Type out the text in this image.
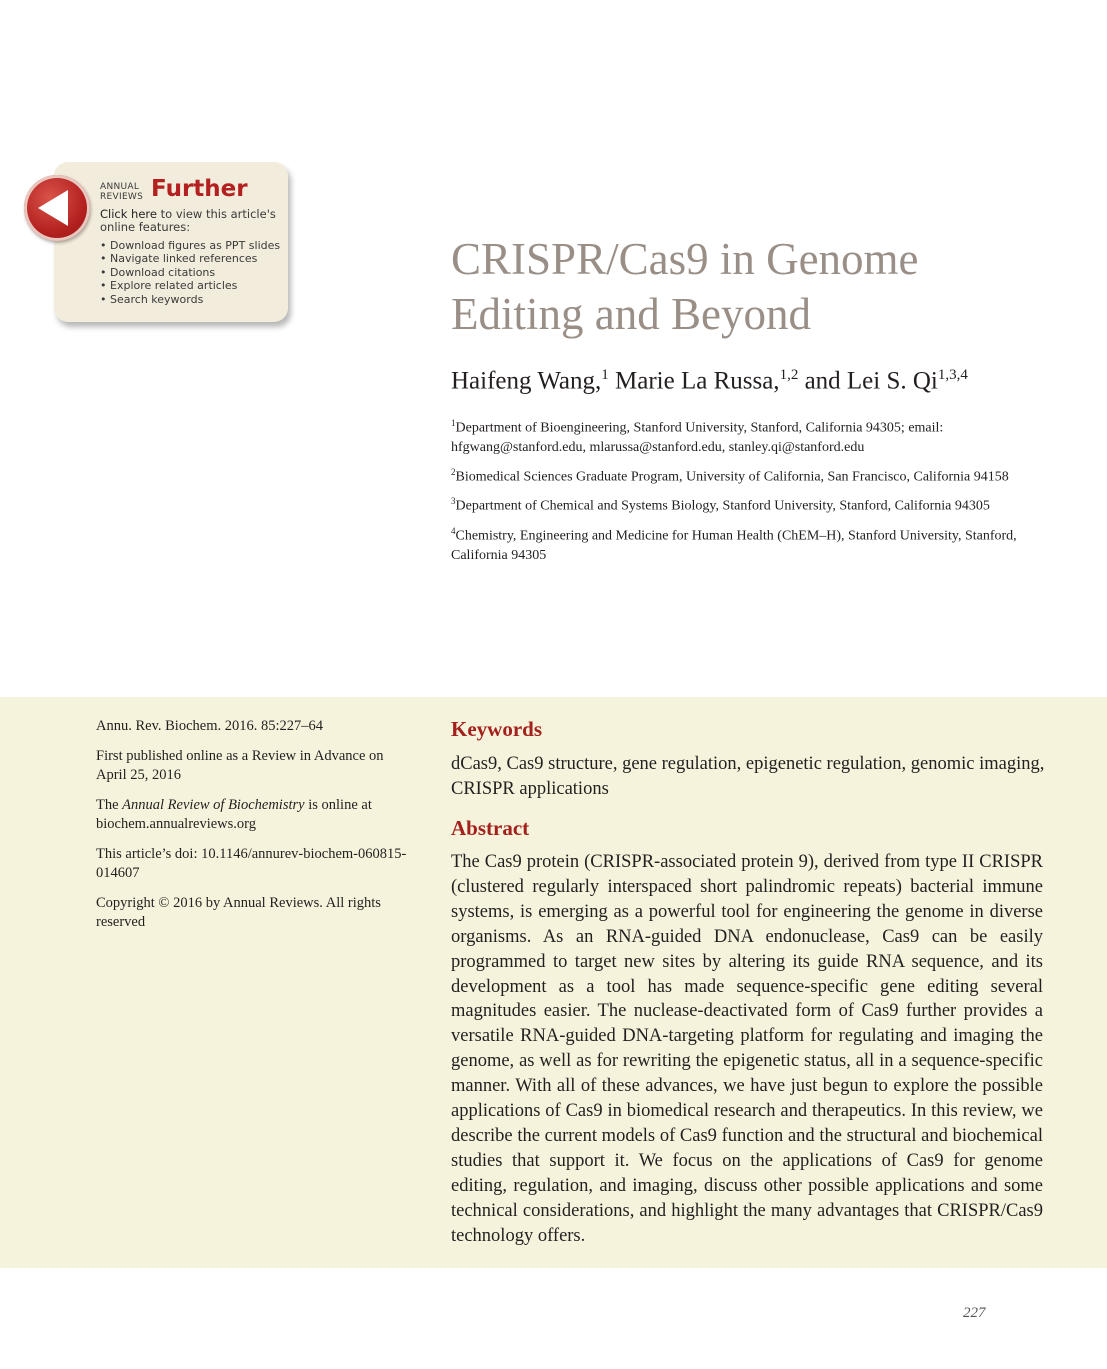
ANNUAL REVIEWS Further
Click here to view this article's online features:
• Download figures as PPT slides
• Navigate linked references
• Download citations
• Explore related articles
• Search keywords
CRISPR/Cas9 in Genome
Editing and Beyond
Haifeng Wang,$^1$ Marie La Russa,$^{1,2}$ and Lei S. Qi$^{1,3,4}$
$^1$Department of Bioengineering, Stanford University, Stanford, California 94305; email: hfgwang@stanford.edu, mlarussa@stanford.edu, stanley.qi@stanford.edu
$^2$Biomedical Sciences Graduate Program, University of California, San Francisco, California 94158
$^3$Department of Chemical and Systems Biology, Stanford University, Stanford, California 94305
$^4$Chemistry, Engineering and Medicine for Human Health (ChEM–H), Stanford University, Stanford, California 94305

Annu. Rev. Biochem. 2016. 85:227–64

First published online as a Review in Advance on April 25, 2016

The Annual Review of Biochemistry is online at biochem.annualreviews.org

This article’s doi: 10.1146/annurev-biochem-060815-014607

Copyright © 2016 by Annual Reviews. All rights reserved

Keywords
dCas9, Cas9 structure, gene regulation, epigenetic regulation, genomic imaging, CRISPR applications
Abstract
The Cas9 protein (CRISPR-associated protein 9), derived from type II CRISPR (clustered regularly interspaced short palindromic repeats) bacterial immune systems, is emerging as a powerful tool for engineering the genome in diverse organisms. As an RNA-guided DNA endonuclease, Cas9 can be easily programmed to target new sites by altering its guide RNA sequence, and its development as a tool has made sequence-specific gene editing several magnitudes easier. The nuclease-deactivated form of Cas9 further provides a versatile RNA-guided DNA-targeting platform for regulating and imaging the genome, as well as for rewriting the epigenetic status, all in a sequence-specific manner. With all of these advances, we have just begun to explore the possible applications of Cas9 in biomedical research and therapeutics. In this review, we describe the current models of Cas9 function and the structural and biochemical studies that support it. We focus on the applications of Cas9 for genome editing, regulation, and imaging, discuss other possible applications and some technical considerations, and highlight the many advantages that CRISPR/Cas9 technology offers.
227
